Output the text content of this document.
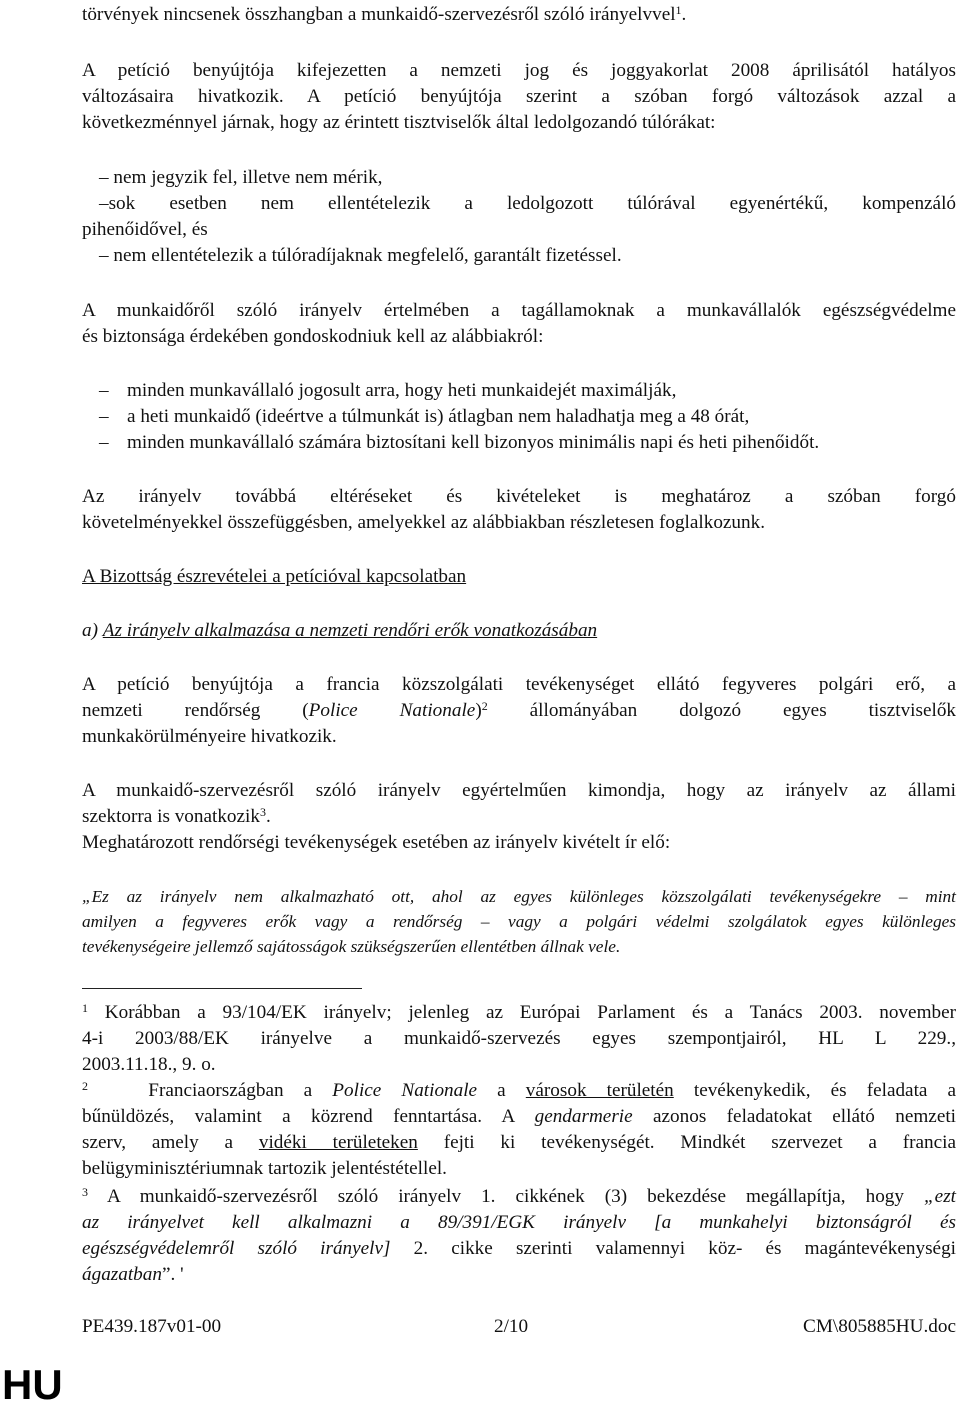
törvények nincsenek összhangban a munkaidő-szervezésről szóló irányelvvel$^1$.
A petíció benyújtója kifejezetten a nemzeti jog és joggyakorlat 2008 áprilisától hatályos
változásaira hivatkozik. A petíció benyújtója szerint a szóban forgó változások azzal a
következménnyel járnak, hogy az érintett tisztviselők által ledolgozandó túlórákat:
– nem jegyzik fel, illetve nem mérik,
–sok esetben nem ellentételezik a ledolgozott túlórával egyenértékű, kompenzáló
pihenőidővel, és
– nem ellentételezik a túlóradíjaknak megfelelő, garantált fizetéssel.
A munkaidőről szóló irányelv értelmében a tagállamoknak a munkavállalók egészségvédelme
és biztonsága érdekében gondoskodniuk kell az alábbiakról:
– minden munkavállaló jogosult arra, hogy heti munkaidejét maximálják,
– a heti munkaidő (ideértve a túlmunkát is) átlagban nem haladhatja meg a 48 órát,
– minden munkavállaló számára biztosítani kell bizonyos minimális napi és heti pihenőidőt.
Az irányelv továbbá eltéréseket és kivételeket is meghatároz a szóban forgó
követelményekkel összefüggésben, amelyekkel az alábbiakban részletesen foglalkozunk.
A Bizottság észrevételei a petícióval kapcsolatban
a) Az irányelv alkalmazása a nemzeti rendőri erők vonatkozásában
A petíció benyújtója a francia közszolgálati tevékenységet ellátó fegyveres polgári erő, a
nemzeti rendőrség (Police Nationale)$^2$ állományában dolgozó egyes tisztviselők
munkakörülményeire hivatkozik.
A munkaidő-szervezésről szóló irányelv egyértelműen kimondja, hogy az irányelv az állami
szektorra is vonatkozik$^3$.
Meghatározott rendőrségi tevékenységek esetében az irányelv kivételt ír elő:
„Ez az irányelv nem alkalmazható ott, ahol az egyes különleges közszolgálati tevékenységekre – mint
amilyen a fegyveres erők vagy a rendőrség – vagy a polgári védelmi szolgálatok egyes különleges
tevékenységeire jellemző sajátosságok szükségszerűen ellentétben állnak vele.
$^1$ Korábban a 93/104/EK irányelv; jelenleg az Európai Parlament és a Tanács 2003. november
4-i 2003/88/EK irányelve a munkaidő-szervezés egyes szempontjairól, HL L 229.,
2003.11.18., 9. o.
$^2$	Franciaországban a Police Nationale a városok területén tevékenykedik, és feladata a
bűnüldözés, valamint a közrend fenntartása. A gendarmerie azonos feladatokat ellátó nemzeti
szerv, amely a vidéki területeken fejti ki tevékenységét. Mindkét szervezet a francia
belügyminisztériumnak tartozik jelentéstétellel.
$^3$ A munkaidő-szervezésről szóló irányelv 1. cikkének (3) bekezdése megállapítja, hogy „ezt
az irányelvet kell alkalmazni a 89/391/EGK irányelv [a munkahelyi biztonságról és
egészségvédelemről szóló irányelv] 2. cikke szerinti valamennyi köz- és magántevékenységi
ágazatban”. '
PE439.187v01-00	2/10	CM\805885HU.doc
HU
